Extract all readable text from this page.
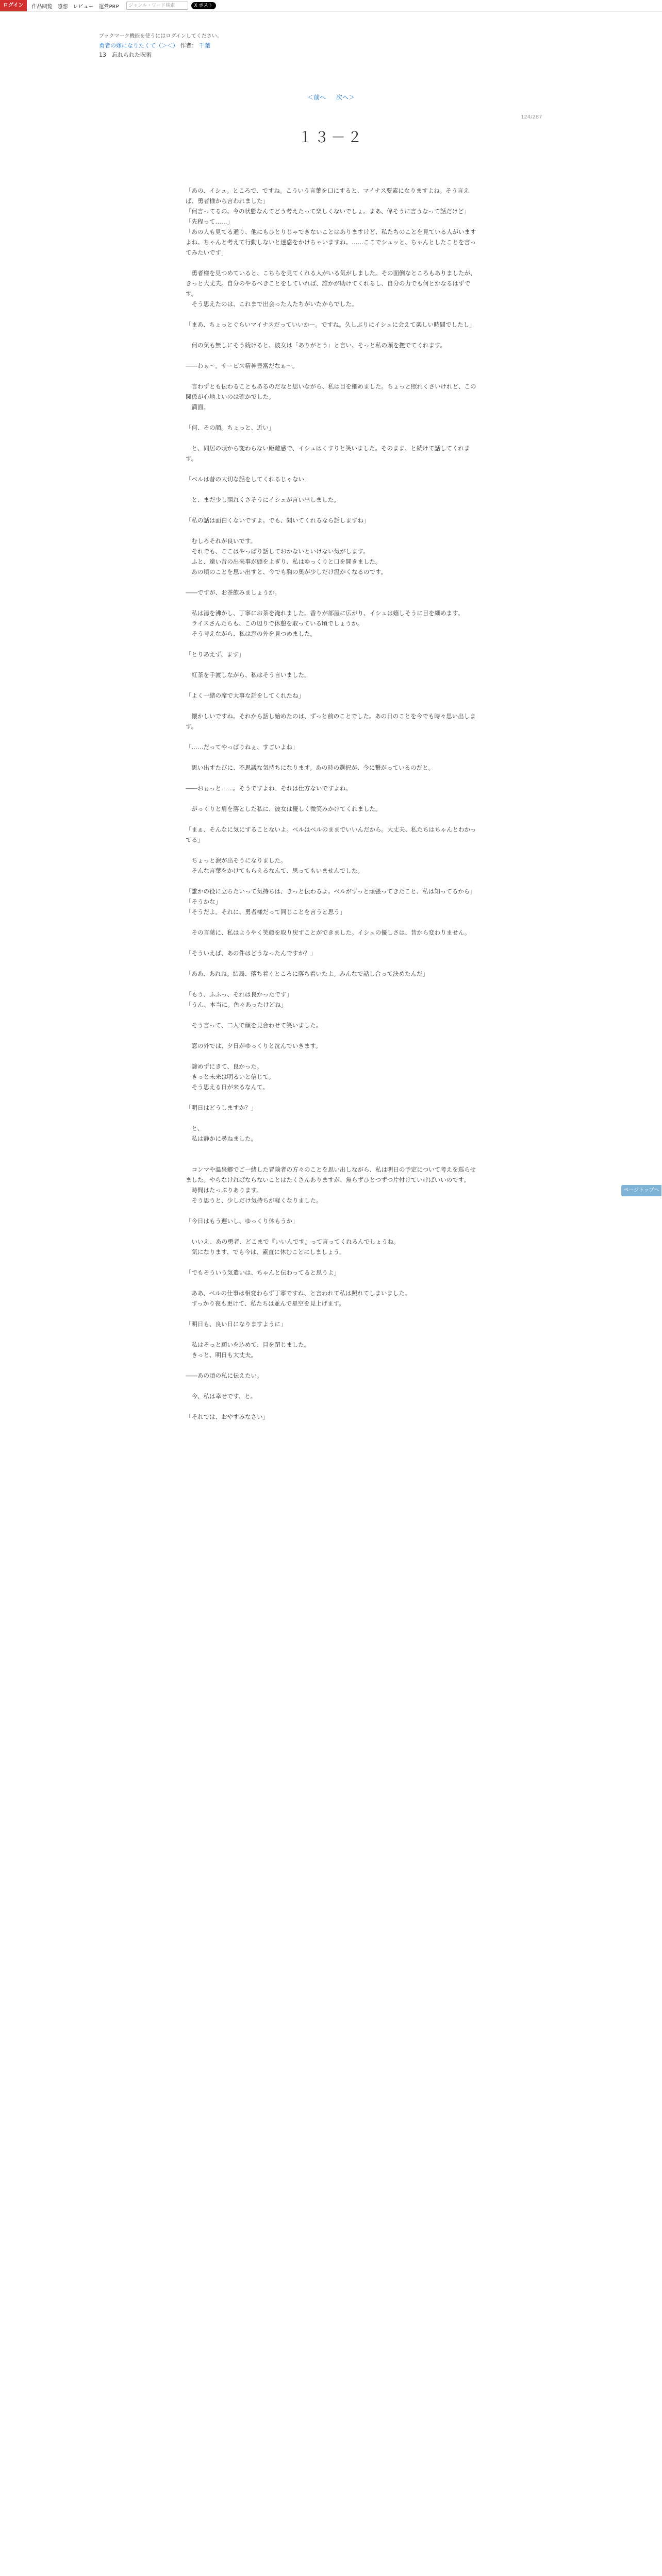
ログイン	作品閲覧 感想 レビュー 運営PRP	ジャンル・ワード検索	X ポスト
ブックマーク機能を使うにはログインしてください。
勇者の嫁になりたくて（＞＜） 作者： 千葉
13　忘れられた呪術
＜前へ 次へ＞
124/287
１３－２

「あの、イシュ。ところで、ですね。こういう言葉を口にすると、マイナス要素になりますよね。そう言えば、勇者様から言われました」

「何言ってるの。今の状態なんてどう考えたって楽しくないでしょ。まあ、偉そうに言うなって話だけど」

「先程って……」

「あの人も見てる通り、他にもひとりじゃできないことはありますけど、私たちのことを見ている人がいますよね。ちゃんと考えて行動しないと迷惑をかけちゃいますね。……ここでシュッと、ちゃんとしたことを言ってみたいです」

　勇者様を見つめていると、こちらを見てくれる人がいる気がしました。その面倒なところもありましたが、きっと大丈夫。自分のやるべきことをしていれば、誰かが助けてくれるし、自分の力でも何とかなるはずです。

　そう思えたのは、これまで出会った人たちがいたからでした。

「まあ、ちょっとぐらいマイナスだっていいかー。ですね。久しぶりにイシュに会えて楽しい時間でしたし」

　何の気も無しにそう続けると、彼女は「ありがとう」と言い、そっと私の頭を撫でてくれます。

――わぁ〜。サービス精神豊富だなぁ〜。

　言わずとも伝わることもあるのだなと思いながら、私は目を細めました。ちょっと照れくさいけれど、この関係が心地よいのは確かでした。

　満面。

「何、その顔。ちょっと、近い」

　と、同居の頃から変わらない距離感で、イシュはくすりと笑いました。そのまま、と続けて話してくれます。

「ベルは昔の大切な話をしてくれるじゃない」

　と、まだ少し照れくさそうにイシュが言い出しました。

「私の話は面白くないですよ。でも、聞いてくれるなら話しますね」

　むしろそれが良いです。

　それでも、ここはやっぱり話しておかないといけない気がします。

　ふと、遠い昔の出来事が頭をよぎり、私はゆっくりと口を開きました。

　あの頃のことを思い出すと、今でも胸の奥が少しだけ温かくなるのです。

――ですが、お茶飲みましょうか。

　私は湯を沸かし、丁寧にお茶を淹れました。香りが部屋に広がり、イシュは嬉しそうに目を細めます。

　ライスさんたちも、この辺りで休憩を取っている頃でしょうか。

　そう考えながら、私は窓の外を見つめました。

「とりあえず、ます」

　紅茶を手渡しながら、私はそう言いました。

「よく一緒の席で大事な話をしてくれたね」

　懐かしいですね。それから話し始めたのは、ずっと前のことでした。あの日のことを今でも時々思い出します。

「……だってやっぱりねぇ、すごいよね」

　思い出すたびに、不思議な気持ちになります。あの時の選択が、今に繋がっているのだと。

――おぉっと……。そうですよね、それは仕方ないですよね。

　がっくりと肩を落とした私に、彼女は優しく微笑みかけてくれました。

「まぁ、そんなに気にすることないよ。ベルはベルのままでいいんだから。大丈夫、私たちはちゃんとわかってる」

　ちょっと涙が出そうになりました。

　そんな言葉をかけてもらえるなんて、思ってもいませんでした。

「誰かの役に立ちたいって気持ちは、きっと伝わるよ。ベルがずっと頑張ってきたこと、私は知ってるから」

「そうかな」

「そうだよ。それに、勇者様だって同じことを言うと思う」

　その言葉に、私はようやく笑顔を取り戻すことができました。イシュの優しさは、昔から変わりません。

「そういえば、あの件はどうなったんですか？」

「ああ、あれね。結局、落ち着くところに落ち着いたよ。みんなで話し合って決めたんだ」

「もう、ふふっ、それは良かったです」

「うん、本当に。色々あったけどね」

　そう言って、二人で顔を見合わせて笑いました。

　窓の外では、夕日がゆっくりと沈んでいきます。

　諦めずにきて、良かった。

　きっと未来は明るいと信じて。

　そう思える日が来るなんて。

「明日はどうしますか？」

　と、

　私は静かに尋ねました。

　コンマや温泉郷でご一緒した冒険者の方々のことを思い出しながら、私は明日の予定について考えを巡らせました。やらなければならないことはたくさんありますが、焦らずひとつずつ片付けていけばいいのです。

　時間はたっぷりあります。

　そう思うと、少しだけ気持ちが軽くなりました。

「今日はもう遅いし、ゆっくり休もうか」

　いいえ、あの勇者、どこまで『いいんです』って言ってくれるんでしょうね。

　気になります、でも今は、素直に休むことにしましょう。

「でもそういう気遣いは、ちゃんと伝わってると思うよ」

　ああ、ベルの仕事は相変わらず丁寧ですね、と言われて私は照れてしまいました。

　すっかり夜も更けて、私たちは並んで星空を見上げます。

「明日も、良い日になりますように」

　私はそっと願いを込めて、目を閉じました。

　きっと、明日も大丈夫。

――あの頃の私に伝えたい。

　今、私は幸せです、と。

「それでは、おやすみなさい」

ページトップへ
